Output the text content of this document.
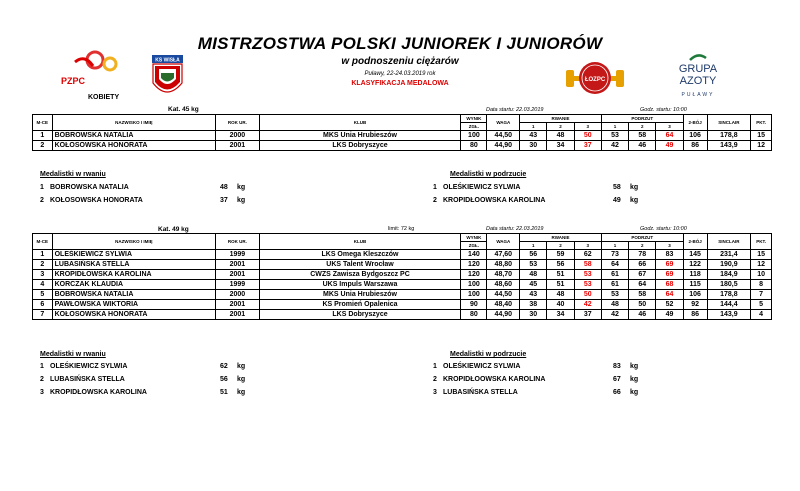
PZPC
KS WISŁA
ŁOZPC
GRUPA
AZOTY
PUŁAWY
MISTRZOSTWA POLSKI JUNIOREK I JUNIORÓW
w podnoszeniu ciężarów
Puławy, 22-24.03.2019 rok
KLASYFIKACJA MEDALOWA
KOBIETY
Kat. 45 kg	Data startu: 22.03.2019	Godz. startu: 10:00
M-CE	NAZWISKO I IMIĘ	ROK UR.	KLUB	WYNIK	WAGA	RWANIE			PODRZUT			2-BÓJ	SINCLAIR	PKT.
				ZGŁ.		1	2	3	1	2	3			
1	BOBROWSKA NATALIA	2000	MKS Unia Hrubieszów	100	44,50	43	48	50	53	58	64	106	178,8	15
2	KOŁOSOWSKA HONORATA	2001	LKS Dobryszyce	80	44,90	30	34	37	42	46	49	86	143,9	12
Medalistki w rwaniu	Medalistki w podrzucie
1 BOBROWSKA NATALIA	48 kg
2 KOŁOSOWSKA HONORATA	37 kg
1 OLEŚKIEWICZ SYLWIA	58 kg
2 KROPIDŁOOWSKA KAROLINA	49 kg
Kat. 49 kg	limit: 72 kg	Data startu: 22.03.2019	Godz. startu: 10:00
M-CE	NAZWISKO I IMIĘ	ROK UR.	KLUB	WYNIK	WAGA	RWANIE			PODRZUT			2-BÓJ	SINCLAIR	PKT.
				ZGŁ.		1	2	3	1	2	3			
1	OLEŚKIEWICZ SYLWIA	1999	LKS Omega Kleszczów	140	47,60	56	59	62	73	78	83	145	231,4	15
2	LUBASIŃSKA STELLA	2001	UKS Talent Wrocław	120	48,80	53	56	58	64	66	69	122	190,9	12
3	KROPIDŁOWSKA KAROLINA	2001	CWZS Zawisza Bydgoszcz PC	120	48,70	48	51	53	61	67	69	118	184,9	10
4	KORCZAK KLAUDIA	1999	UKS Impuls Warszawa	100	48,60	45	51	53	61	64	68	115	180,5	8
5	BOBROWSKA NATALIA	2000	MKS Unia Hrubieszów	100	44,50	43	48	50	53	58	64	106	178,8	7
6	PAWŁOWSKA WIKTORIA	2001	KS Promień Opalenica	90	48,40	38	40	42	48	50	52	92	144,4	5
7	KOŁOSOWSKA HONORATA	2001	LKS Dobryszyce	80	44,90	30	34	37	42	46	49	86	143,9	4
Medalistki w rwaniu	Medalistki w podrzucie
1 OLEŚKIEWICZ SYLWIA	62 kg
2 LUBASIŃSKA STELLA	56 kg
3 KROPIDŁOWSKA KAROLINA	51 kg
1 OLEŚKIEWICZ SYLWIA	83 kg
2 KROPIDŁOOWSKA KAROLINA	67 kg
3 LUBASIŃSKA STELLA	66 kg
